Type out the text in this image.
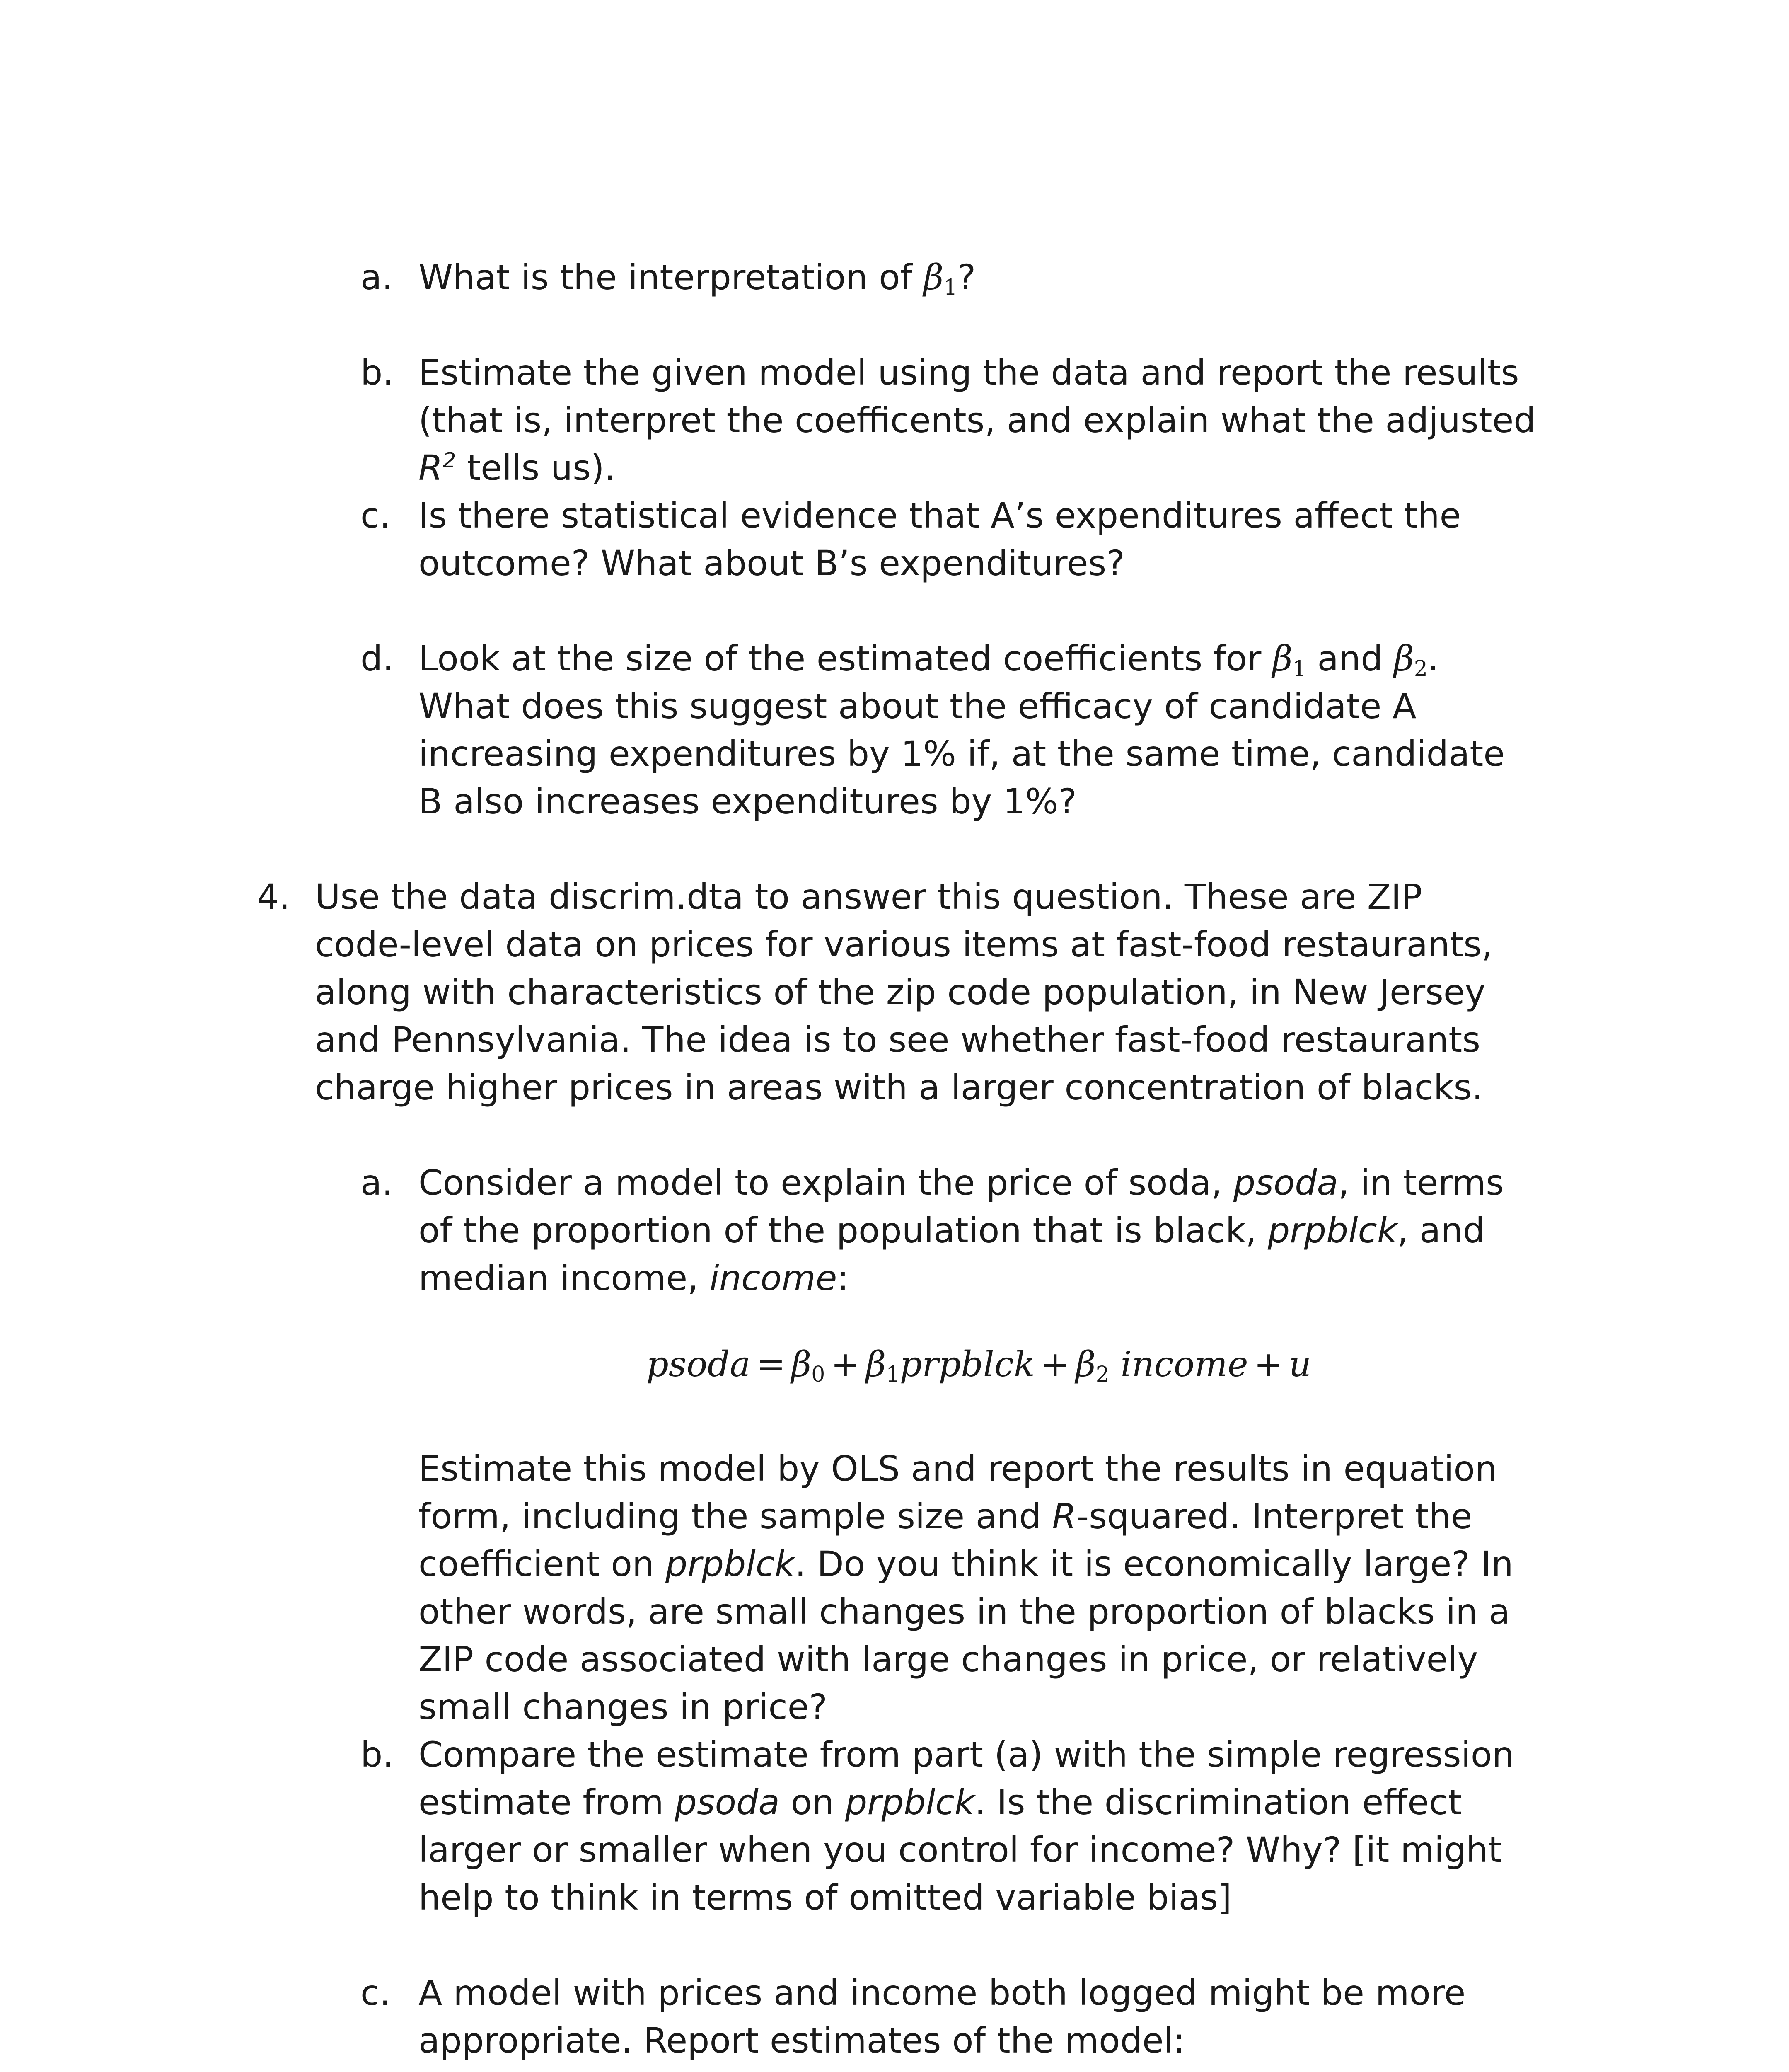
a. What is the interpretation of $\beta_1$?

b. Estimate the given model using the data and report the results (that is, interpret the coefficents, and explain what the adjusted $R^2$ tells us).

c. Is there statistical evidence that A’s expenditures affect the outcome? What about B’s expenditures?

d. Look at the size of the estimated coefficients for $\beta_1$ and $\beta_2$. What does this suggest about the efficacy of candidate A increasing expenditures by 1% if, at the same time, candidate B also increases expenditures by 1%?

4. Use the data discrim.dta to answer this question. These are ZIP code-level data on prices for various items at fast-food restaurants, along with characteristics of the zip code population, in New Jersey and Pennsylvania. The idea is to see whether fast-food restaurants charge higher prices in areas with a larger concentration of blacks.

a. Consider a model to explain the price of soda, psoda, in terms of the proportion of the population that is black, prpblck, and median income, income:

psoda = $\beta_0$ + $\beta_1prpblck + \beta_2$ income + u

Estimate this model by OLS and report the results in equation form, including the sample size and R-squared. Interpret the coefficient on prpblck. Do you think it is economically large? In other words, are small changes in the proportion of blacks in a ZIP code associated with large changes in price, or relatively small changes in price?

b. Compare the estimate from part (a) with the simple regression estimate from psoda on prpblck. Is the discrimination effect larger or smaller when you control for income? Why? [it might help to think in terms of omitted variable bias]

c. A model with prices and income both logged might be more appropriate. Report estimates of the model:
